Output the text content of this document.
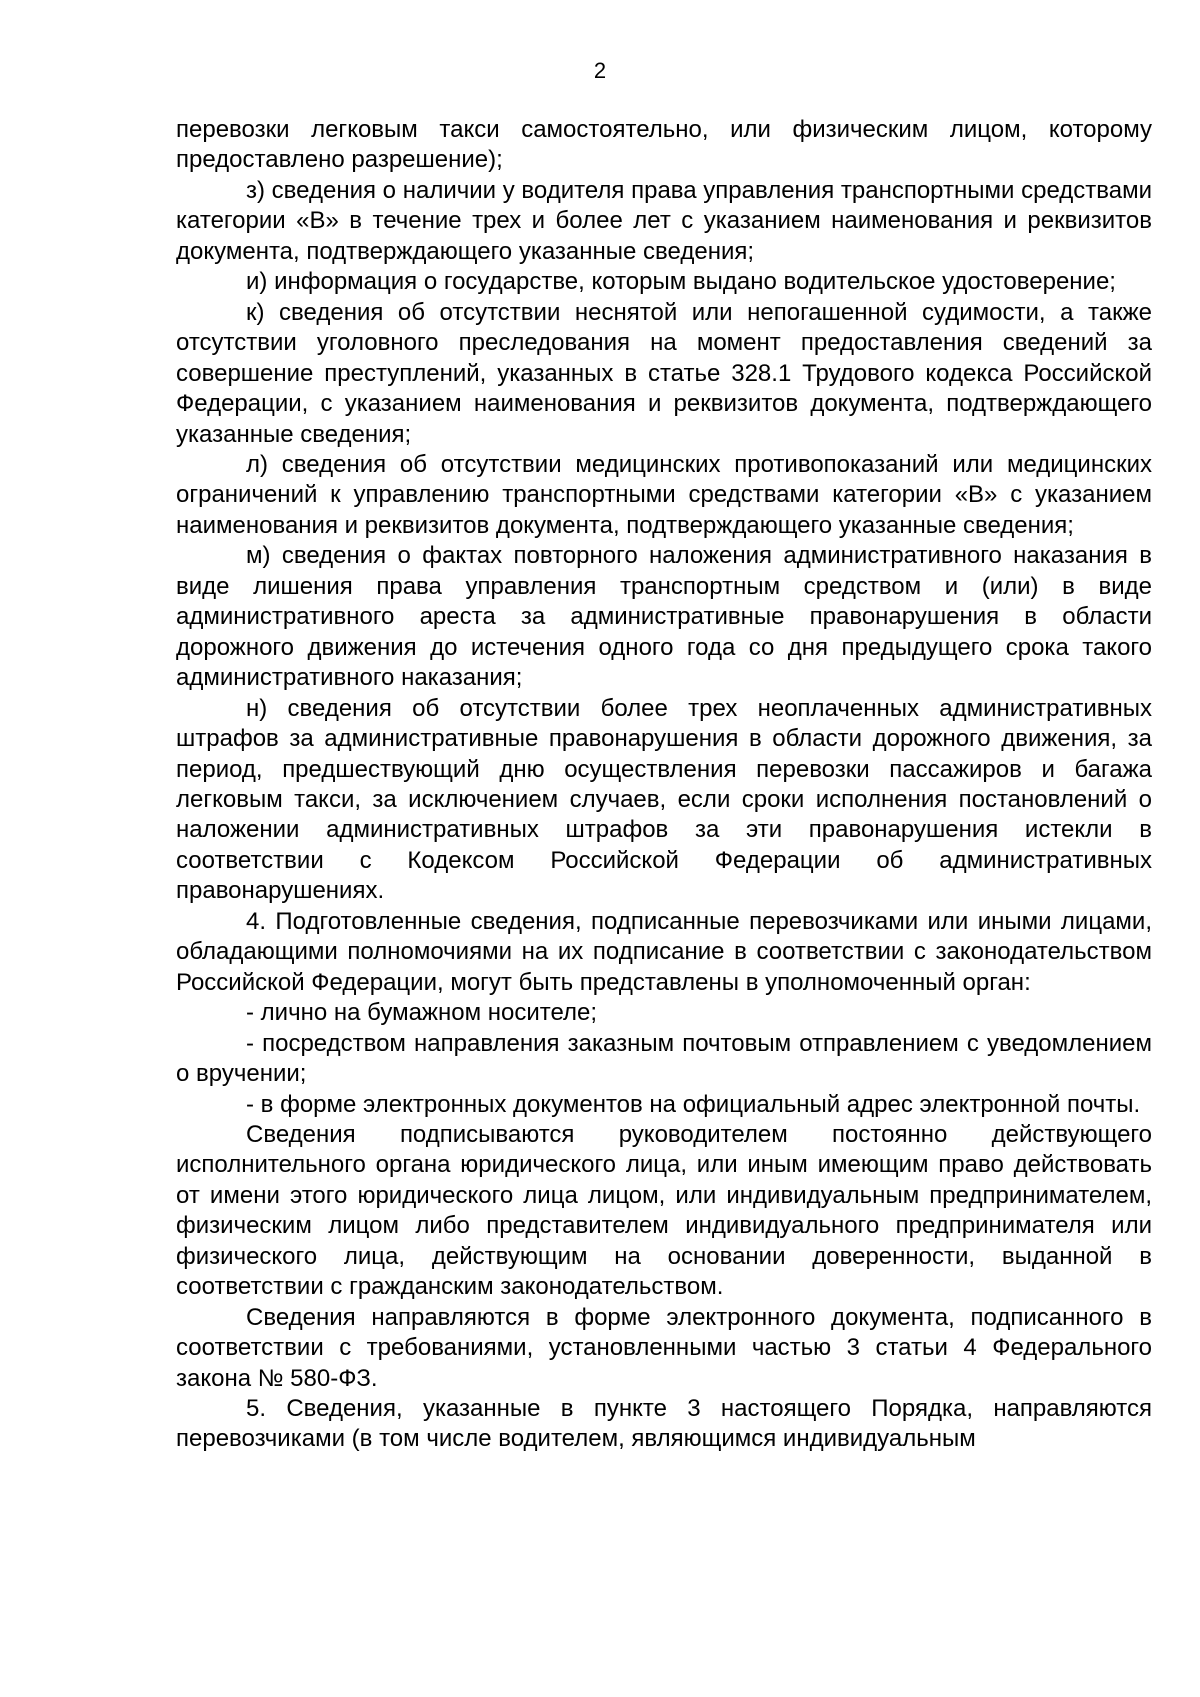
2

перевозки легковым такси самостоятельно, или физическим лицом, которому предоставлено разрешение);

з) сведения о наличии у водителя права управления транспортными средствами категории «В» в течение трех и более лет с указанием наименования и реквизитов документа, подтверждающего указанные сведения;

и) информация о государстве, которым выдано водительское удостоверение;

к) сведения об отсутствии неснятой или непогашенной судимости, а также отсутствии уголовного преследования на момент предоставления сведений за совершение преступлений, указанных в статье 328.1 Трудового кодекса Российской Федерации, с указанием наименования и реквизитов документа, подтверждающего указанные сведения;

л) сведения об отсутствии медицинских противопоказаний или медицинских ограничений к управлению транспортными средствами категории «В» с указанием наименования и реквизитов документа, подтверждающего указанные сведения;

м) сведения о фактах повторного наложения административного наказания в виде лишения права управления транспортным средством и (или) в виде административного ареста за административные правонарушения в области дорожного движения до истечения одного года со дня предыдущего срока такого административного наказания;

н) сведения об отсутствии более трех неоплаченных административных штрафов за административные правонарушения в области дорожного движения, за период, предшествующий дню осуществления перевозки пассажиров и багажа легковым такси, за исключением случаев, если сроки исполнения постановлений о наложении административных штрафов за эти правонарушения истекли в соответствии с Кодексом Российской Федерации об административных правонарушениях.

4. Подготовленные сведения, подписанные перевозчиками или иными лицами, обладающими полномочиями на их подписание в соответствии с законодательством Российской Федерации, могут быть представлены в уполномоченный орган:

- лично на бумажном носителе;

- посредством направления заказным почтовым отправлением с уведомлением о вручении;

- в форме электронных документов на официальный адрес электронной почты.

Сведения подписываются руководителем постоянно действующего исполнительного органа юридического лица, или иным имеющим право действовать от имени этого юридического лица лицом, или индивидуальным предпринимателем, физическим лицом либо представителем индивидуального предпринимателя или физического лица, действующим на основании доверенности, выданной в соответствии с гражданским законодательством.

Сведения направляются в форме электронного документа, подписанного в соответствии с требованиями, установленными частью 3 статьи 4 Федерального закона № 580-ФЗ.

5. Сведения, указанные в пункте 3 настоящего Порядка, направляются перевозчиками (в том числе водителем, являющимся индивидуальным
